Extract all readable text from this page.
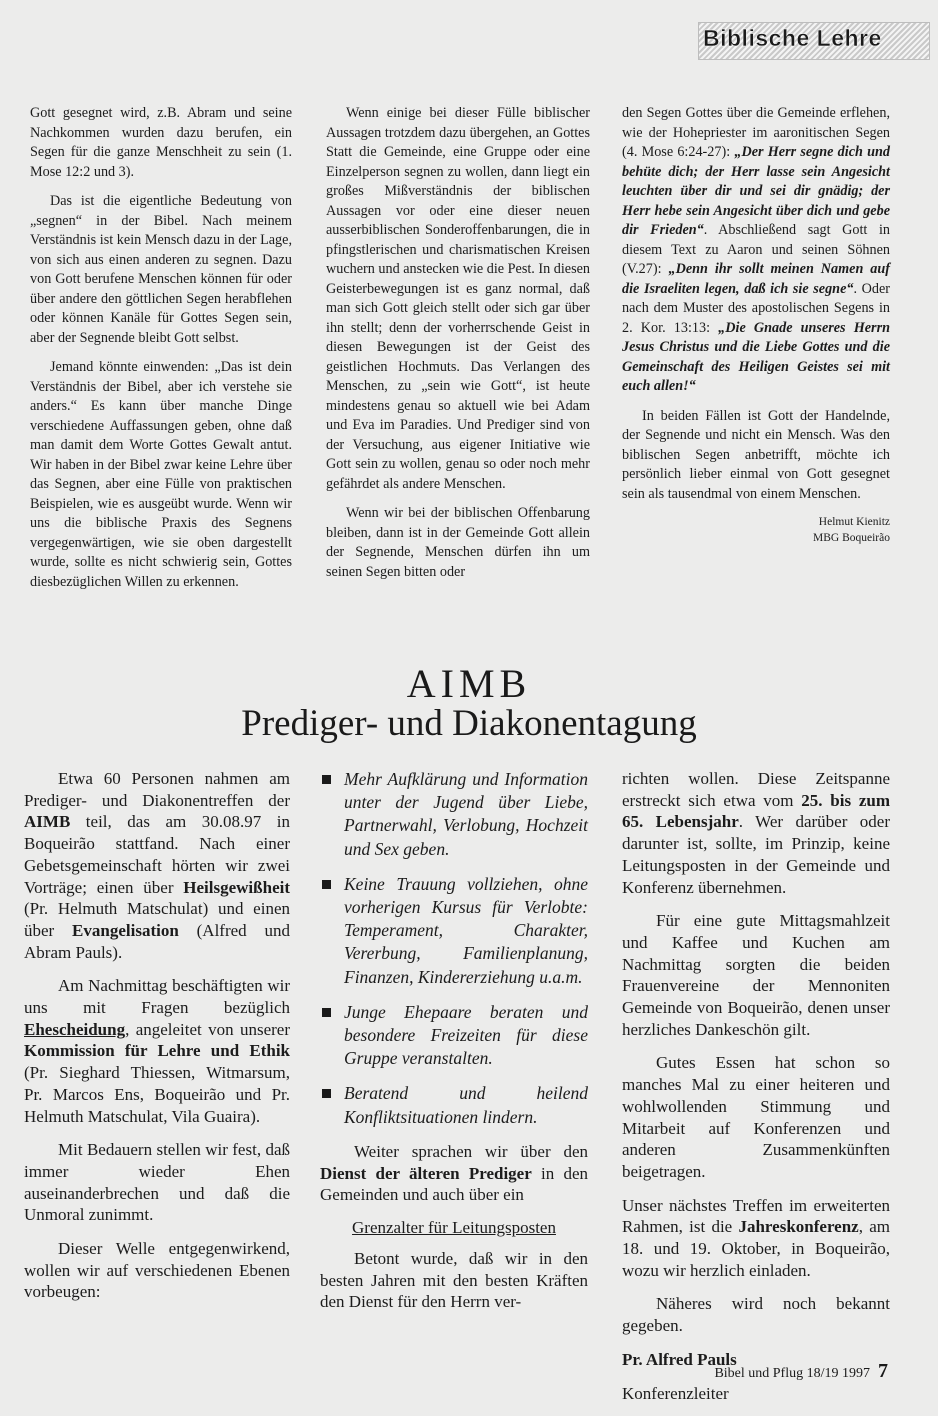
Biblische Lehre

Gott gesegnet wird, z.B. Abram und seine Nachkommen wurden dazu berufen, ein Segen für die ganze Menschheit zu sein (1. Mose 12:2 und 3).

Das ist die eigentliche Bedeutung von „segnen“ in der Bibel. Nach meinem Verständnis ist kein Mensch dazu in der Lage, von sich aus einen anderen zu segnen. Dazu von Gott berufene Menschen können für oder über andere den göttlichen Segen herabflehen oder können Kanäle für Gottes Segen sein, aber der Segnende bleibt Gott selbst.

Jemand könnte einwenden: „Das ist dein Verständnis der Bibel, aber ich verstehe sie anders.“ Es kann über manche Dinge verschiedene Auffassungen geben, ohne daß man damit dem Worte Gottes Gewalt antut. Wir haben in der Bibel zwar keine Lehre über das Segnen, aber eine Fülle von praktischen Beispielen, wie es ausgeübt wurde. Wenn wir uns die biblische Praxis des Segnens vergegenwärtigen, wie sie oben dargestellt wurde, sollte es nicht schwierig sein, Gottes diesbezüglichen Willen zu erkennen.

Wenn einige bei dieser Fülle biblischer Aussagen trotzdem dazu übergehen, an Gottes Statt die Gemeinde, eine Gruppe oder eine Einzelperson segnen zu wollen, dann liegt ein großes Mißverständnis der biblischen Aussagen vor oder eine dieser neuen ausserbiblischen Sonderoffenbarungen, die in pfingstlerischen und charismatischen Kreisen wuchern und anstecken wie die Pest. In diesen Geisterbewegungen ist es ganz normal, daß man sich Gott gleich stellt oder sich gar über ihn stellt; denn der vorherrschende Geist in diesen Bewegungen ist der Geist des geistlichen Hochmuts. Das Verlangen des Menschen, zu „sein wie Gott“, ist heute mindestens genau so aktuell wie bei Adam und Eva im Paradies. Und Prediger sind von der Versuchung, aus eigener Initiative wie Gott sein zu wollen, genau so oder noch mehr gefährdet als andere Menschen.

Wenn wir bei der biblischen Offenbarung bleiben, dann ist in der Gemeinde Gott allein der Segnende, Menschen dürfen ihn um seinen Segen bitten oder

den Segen Gottes über die Gemeinde erflehen, wie der Hohepriester im aaronitischen Segen (4. Mose 6:24-27): „Der Herr segne dich und behüte dich; der Herr lasse sein Angesicht leuchten über dir und sei dir gnädig; der Herr hebe sein Angesicht über dich und gebe dir Frieden“. Abschließend sagt Gott in diesem Text zu Aaron und seinen Söhnen (V.27): „Denn ihr sollt meinen Namen auf die Israeliten legen, daß ich sie segne“. Oder nach dem Muster des apostolischen Segens in 2. Kor. 13:13: „Die Gnade unseres Herrn Jesus Christus und die Liebe Gottes und die Gemeinschaft des Heiligen Geistes sei mit euch allen!“

In beiden Fällen ist Gott der Handelnde, der Segnende und nicht ein Mensch. Was den biblischen Segen anbetrifft, möchte ich persönlich lieber einmal von Gott gesegnet sein als tausendmal von einem Menschen.

Helmut Kienitz

MBG Boqueirão

AIMB
Prediger- und Diakonentagung

Etwa 60 Personen nahmen am Prediger- und Diakonentreffen der AIMB teil, das am 30.08.97 in Boqueirão stattfand. Nach einer Gebetsgemeinschaft hörten wir zwei Vorträge; einen über Heilsgewißheit (Pr. Helmuth Matschulat) und einen über Evangelisation (Alfred und Abram Pauls).

Am Nachmittag beschäftigten wir uns mit Fragen bezüglich Ehescheidung, angeleitet von unserer Kommission für Lehre und Ethik (Pr. Sieghard Thiessen, Witmarsum, Pr. Marcos Ens, Boqueirão und Pr. Helmuth Matschulat, Vila Guaira).

Mit Bedauern stellen wir fest, daß immer wieder Ehen auseinanderbrechen und daß die Unmoral zunimmt.

Dieser Welle entgegenwirkend, wollen wir auf verschiedenen Ebenen vorbeugen:

Mehr Aufklärung und Information unter der Jugend über Liebe, Partnerwahl, Verlobung, Hochzeit und Sex geben.
Keine Trauung vollziehen, ohne vorherigen Kursus für Verlobte: Temperament, Charakter, Vererbung, Familienplanung, Finanzen, Kindererziehung u.a.m.
Junge Ehepaare beraten und besondere Freizeiten für diese Gruppe veranstalten.
Beratend und heilend Konfliktsituationen lindern.

Weiter sprachen wir über den Dienst der älteren Prediger in den Gemeinden und auch über ein

Grenzalter für Leitungsposten

Betont wurde, daß wir in den besten Jahren mit den besten Kräften den Dienst für den Herrn ver-

richten wollen. Diese Zeitspanne erstreckt sich etwa vom 25. bis zum 65. Lebensjahr. Wer darüber oder darunter ist, sollte, im Prinzip, keine Leitungsposten in der Gemeinde und Konferenz übernehmen.

Für eine gute Mittagsmahlzeit und Kaffee und Kuchen am Nachmittag sorgten die beiden Frauenvereine der Mennoniten Gemeinde von Boqueirão, denen unser herzliches Dankeschön gilt.

Gutes Essen hat schon so manches Mal zu einer heiteren und wohlwollenden Stimmung und Mitarbeit auf Konferenzen und anderen Zusammenkünften beigetragen.

Unser nächstes Treffen im erweiterten Rahmen, ist die Jahreskonferenz, am 18. und 19. Oktober, in Boqueirão, wozu wir herzlich einladen.

Näheres wird noch bekannt gegeben.

Pr. Alfred Pauls

Konferenzleiter

Bibel und Pflug 18/19 1997 7
